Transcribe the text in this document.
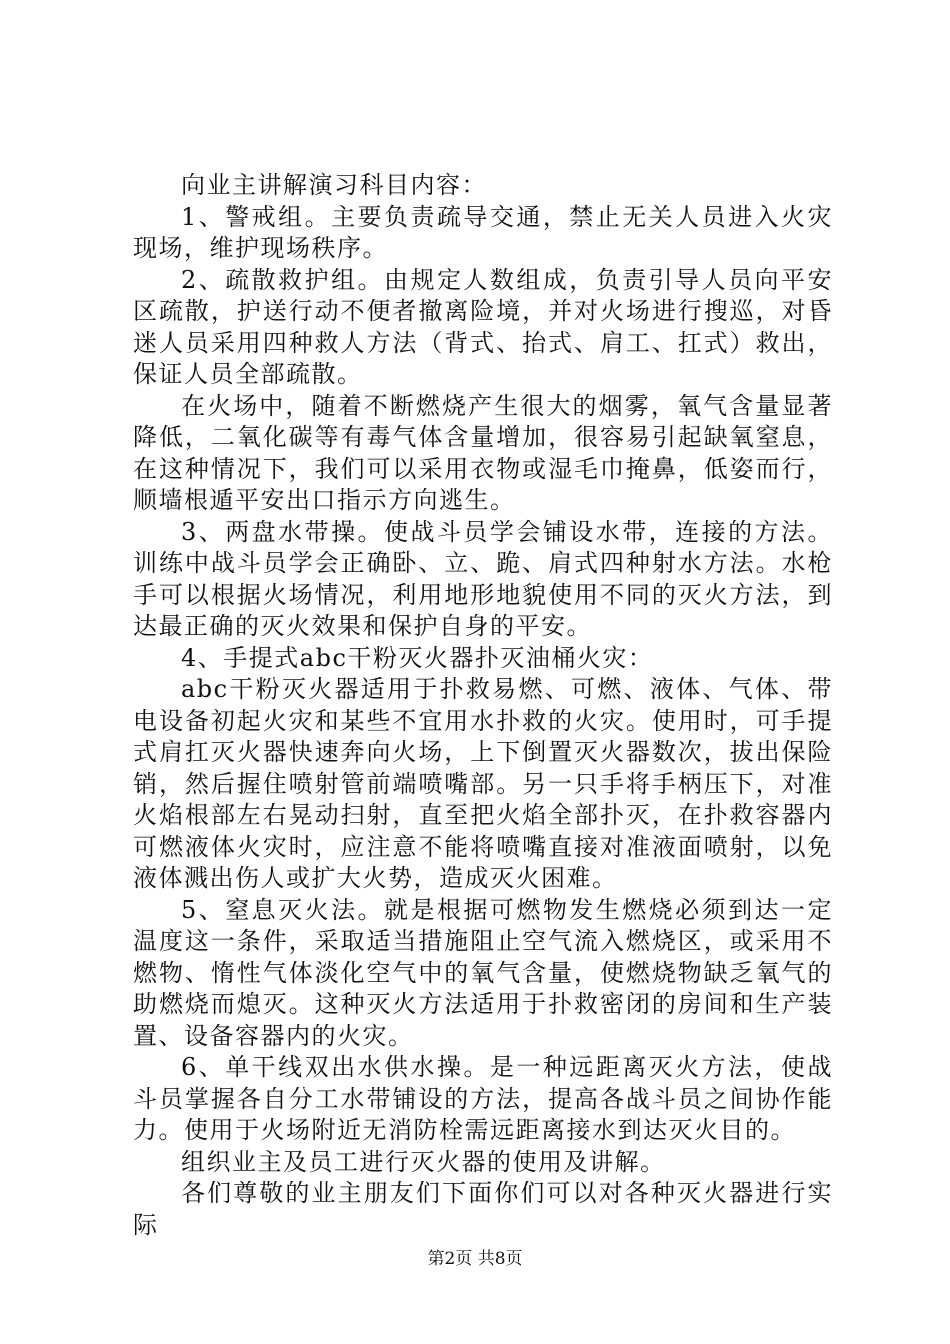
向业主讲解演习科目内容：

1、警戒组。主要负责疏导交通，禁止无关人员进入火灾现场，维护现场秩序。

2、疏散救护组。由规定人数组成，负责引导人员向平安区疏散，护送行动不便者撤离险境，并对火场进行搜巡，对昏迷人员采用四种救人方法（背式、抬式、肩工、扛式）救出，保证人员全部疏散。

在火场中，随着不断燃烧产生很大的烟雾，氧气含量显著降低，二氧化碳等有毒气体含量增加，很容易引起缺氧窒息，在这种情况下，我们可以采用衣物或湿毛巾掩鼻，低姿而行，顺墙根遁平安出口指示方向逃生。

3、两盘水带操。使战斗员学会铺设水带，连接的方法。训练中战斗员学会正确卧、立、跪、肩式四种射水方法。水枪手可以根据火场情况，利用地形地貌使用不同的灭火方法，到达最正确的灭火效果和保护自身的平安。

4、手提式abc干粉灭火器扑灭油桶火灾：

abc干粉灭火器适用于扑救易燃、可燃、液体、气体、带电设备初起火灾和某些不宜用水扑救的火灾。使用时，可手提式肩扛灭火器快速奔向火场，上下倒置灭火器数次，拔出保险销，然后握住喷射管前端喷嘴部。另一只手将手柄压下，对准火焰根部左右晃动扫射，直至把火焰全部扑灭，在扑救容器内可燃液体火灾时，应注意不能将喷嘴直接对准液面喷射，以免液体溅出伤人或扩大火势，造成灭火困难。

5、窒息灭火法。就是根据可燃物发生燃烧必须到达一定温度这一条件，采取适当措施阻止空气流入燃烧区，或采用不燃物、惰性气体淡化空气中的氧气含量，使燃烧物缺乏氧气的助燃烧而熄灭。这种灭火方法适用于扑救密闭的房间和生产装置、设备容器内的火灾。

6、单干线双出水供水操。是一种远距离灭火方法，使战斗员掌握各自分工水带铺设的方法，提高各战斗员之间协作能力。使用于火场附近无消防栓需远距离接水到达灭火目的。

组织业主及员工进行灭火器的使用及讲解。

各们尊敬的业主朋友们下面你们可以对各种灭火器进行实际

第2页 共8页
